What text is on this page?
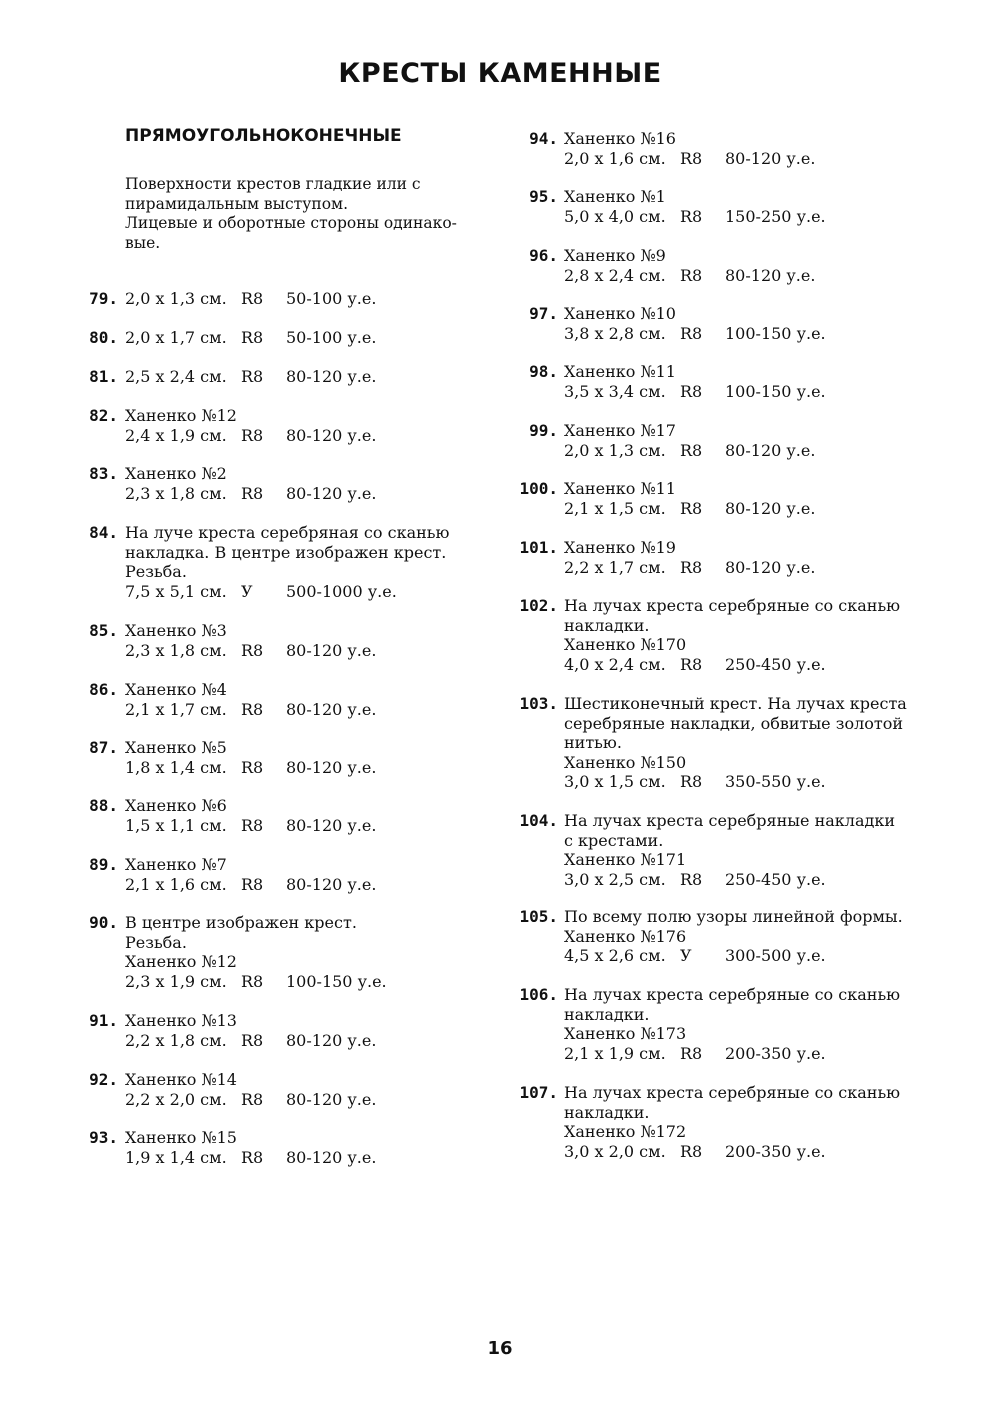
КРЕСТЫ КАМЕННЫЕ
ПРЯМОУГОЛЬНОКОНЕЧНЫЕ
Поверхности крестов гладкие или с
пирамидальным выступом.
Лицевые и оборотные стороны одинако-
вые.
79. 2,0 x 1,3 см. R8 50-100 у.е.
80. 2,0 x 1,7 см. R8 50-100 у.е.
81. 2,5 x 2,4 см. R8 80-120 у.е.
82. Ханенко №12
2,4 x 1,9 см. R8 80-120 у.е.
83. Ханенко №2
2,3 x 1,8 см. R8 80-120 у.е.
84. На луче креста серебряная со сканью
накладка. В центре изображен крест.
Резьба.
7,5 x 5,1 см. У 500-1000 у.е.
85. Ханенко №3
2,3 x 1,8 см. R8 80-120 у.е.
86. Ханенко №4
2,1 x 1,7 см. R8 80-120 у.е.
87. Ханенко №5
1,8 x 1,4 см. R8 80-120 у.е.
88. Ханенко №6
1,5 x 1,1 см. R8 80-120 у.е.
89. Ханенко №7
2,1 x 1,6 см. R8 80-120 у.е.
90. В центре изображен крест.
Резьба.
Ханенко №12
2,3 x 1,9 см. R8 100-150 у.е.
91. Ханенко №13
2,2 x 1,8 см. R8 80-120 у.е.
92. Ханенко №14
2,2 x 2,0 см. R8 80-120 у.е.
93. Ханенко №15
1,9 x 1,4 см. R8 80-120 у.е.
94. Ханенко №16
2,0 x 1,6 см. R8 80-120 у.е.
95. Ханенко №1
5,0 x 4,0 см. R8 150-250 у.е.
96. Ханенко №9
2,8 x 2,4 см. R8 80-120 у.е.
97. Ханенко №10
3,8 x 2,8 см. R8 100-150 у.е.
98. Ханенко №11
3,5 x 3,4 см. R8 100-150 у.е.
99. Ханенко №17
2,0 x 1,3 см. R8 80-120 у.е.
100. Ханенко №11
2,1 x 1,5 см. R8 80-120 у.е.
101. Ханенко №19
2,2 x 1,7 см. R8 80-120 у.е.
102. На лучах креста серебряные со сканью
накладки.
Ханенко №170
4,0 x 2,4 см. R8 250-450 у.е.
103. Шестиконечный крест. На лучах креста
серебряные накладки, обвитые золотой
нитью.
Ханенко №150
3,0 x 1,5 см. R8 350-550 у.е.
104. На лучах креста серебряные накладки
с крестами.
Ханенко №171
3,0 x 2,5 см. R8 250-450 у.е.
105. По всему полю узоры линейной формы.
Ханенко №176
4,5 x 2,6 см. У 300-500 у.е.
106. На лучах креста серебряные со сканью
накладки.
Ханенко №173
2,1 x 1,9 см. R8 200-350 у.е.
107. На лучах креста серебряные со сканью
накладки.
Ханенко №172
3,0 x 2,0 см. R8 200-350 у.е.
16
